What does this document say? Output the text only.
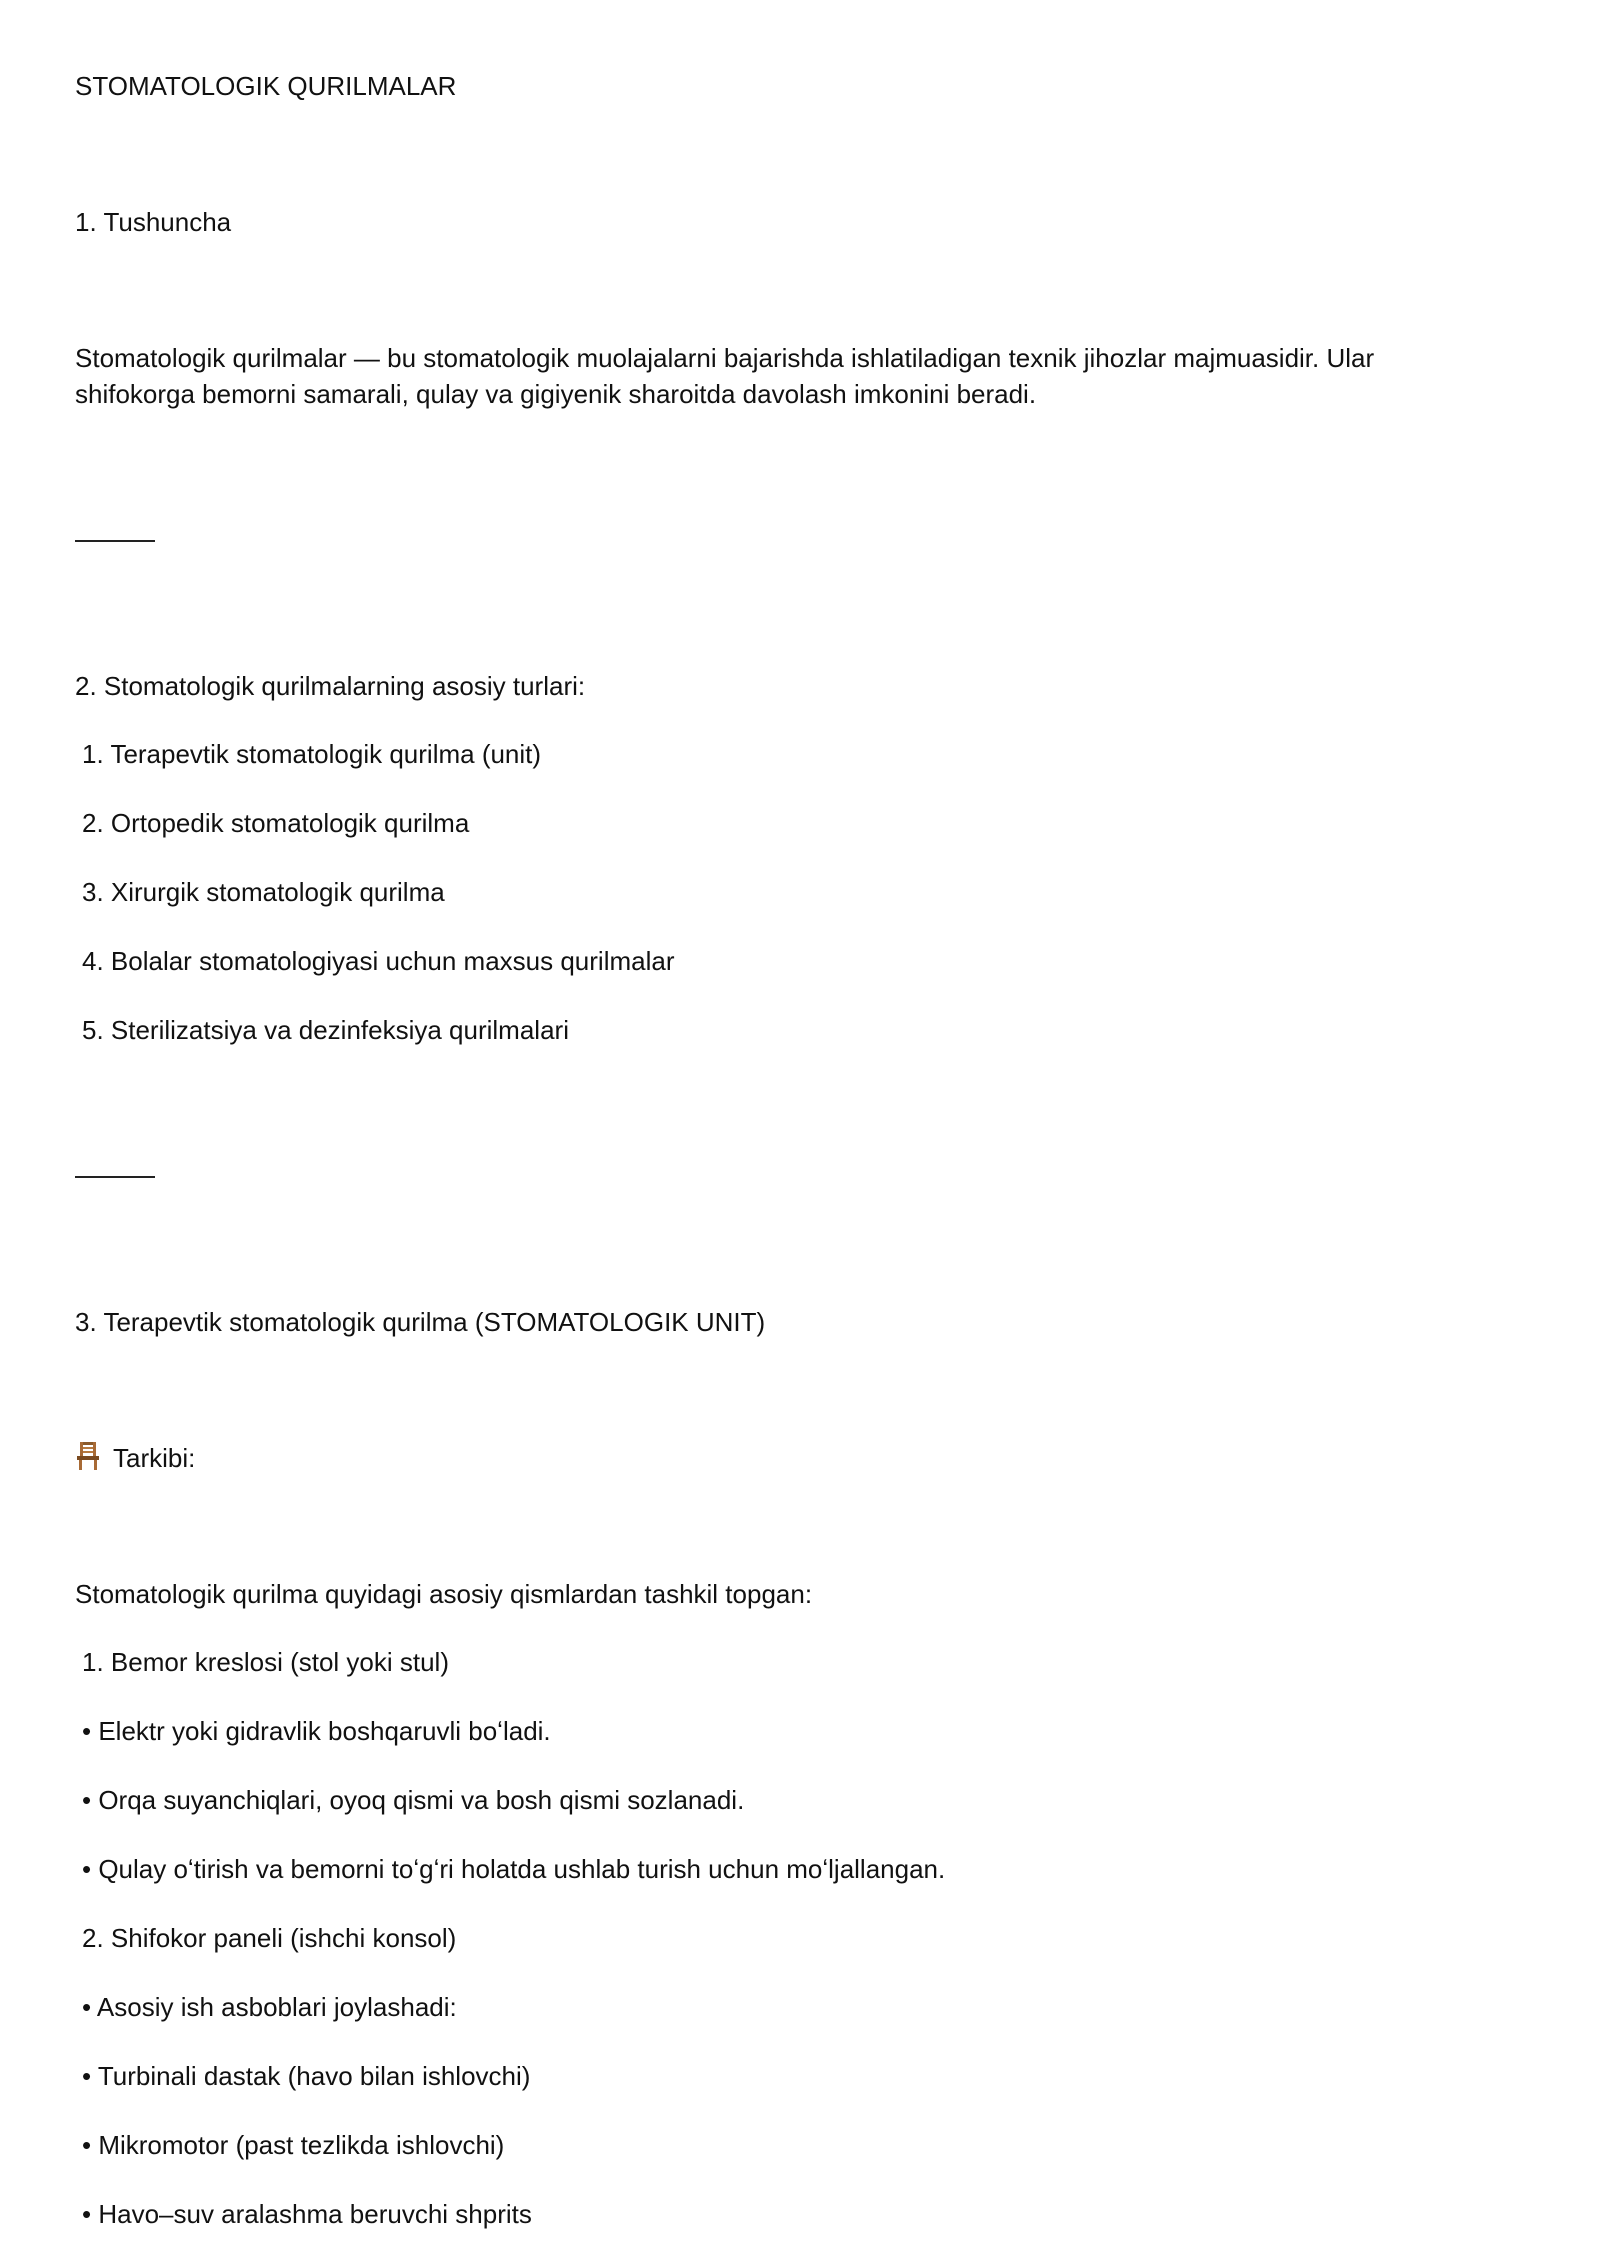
STOMATOLOGIK QURILMALAR

1. Tushuncha

Stomatologik qurilmalar — bu stomatologik muolajalarni bajarishda ishlatiladigan texnik jihozlar majmuasidir. Ular shifokorga bemorni samarali, qulay va gigiyenik sharoitda davolash imkonini beradi.

2. Stomatologik qurilmalarning asosiy turlari:

1. Terapevtik stomatologik qurilma (unit)

2. Ortopedik stomatologik qurilma

3. Xirurgik stomatologik qurilma

4. Bolalar stomatologiyasi uchun maxsus qurilmalar

5. Sterilizatsiya va dezinfeksiya qurilmalari

3. Terapevtik stomatologik qurilma (STOMATOLOGIK UNIT)

Tarkibi:

Stomatologik qurilma quyidagi asosiy qismlardan tashkil topgan:

1. Bemor kreslosi (stol yoki stul)

• Elektr yoki gidravlik boshqaruvli boʻladi.

• Orqa suyanchiqlari, oyoq qismi va bosh qismi sozlanadi.

• Qulay oʻtirish va bemorni toʻgʻri holatda ushlab turish uchun moʻljallangan.

2. Shifokor paneli (ishchi konsol)

• Asosiy ish asboblari joylashadi:

• Turbinali dastak (havo bilan ishlovchi)

• Mikromotor (past tezlikda ishlovchi)

• Havo–suv aralashma beruvchi shprits
